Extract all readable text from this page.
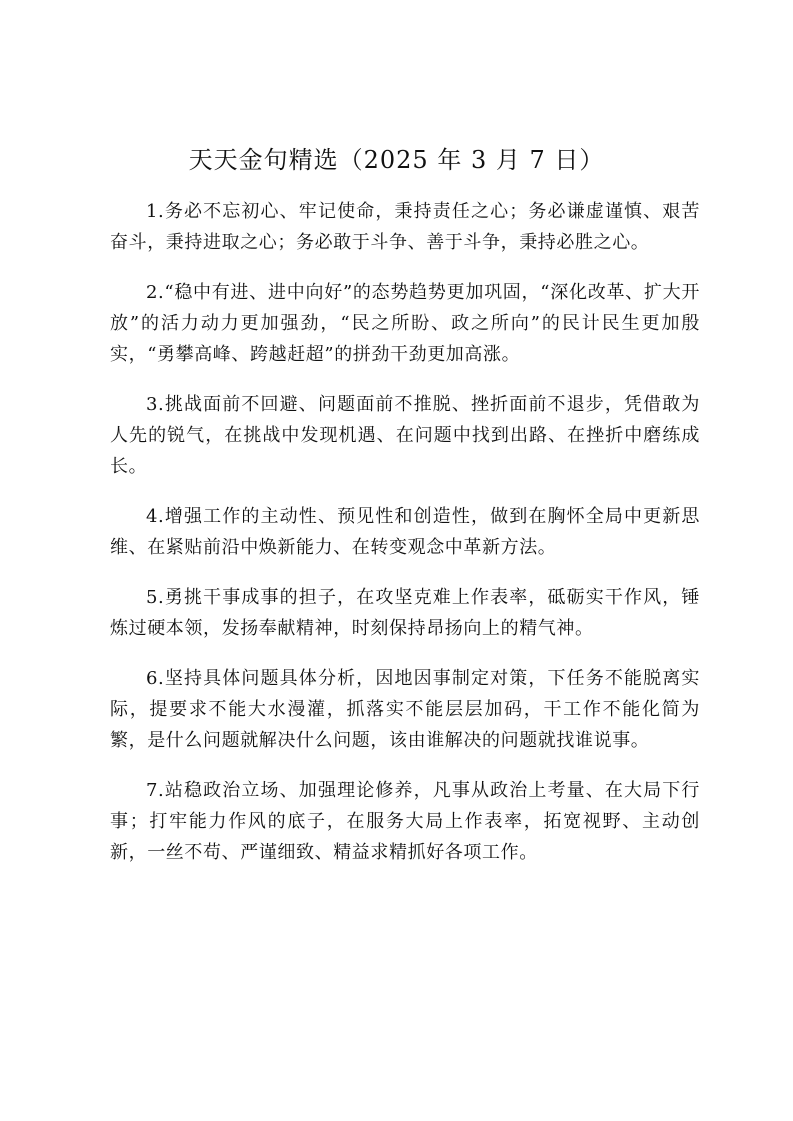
天天金句精选（2025 年 3 月 7 日）

1.务必不忘初心、牢记使命，秉持责任之心；务必谦虚谨慎、艰苦奋斗，秉持进取之心；务必敢于斗争、善于斗争，秉持必胜之心。

2.“稳中有进、进中向好”的态势趋势更加巩固，“深化改革、扩大开放”的活力动力更加强劲，“民之所盼、政之所向”的民计民生更加殷实，“勇攀高峰、跨越赶超”的拼劲干劲更加高涨。

3.挑战面前不回避、问题面前不推脱、挫折面前不退步，凭借敢为人先的锐气，在挑战中发现机遇、在问题中找到出路、在挫折中磨练成长。

4.增强工作的主动性、预见性和创造性，做到在胸怀全局中更新思维、在紧贴前沿中焕新能力、在转变观念中革新方法。

5.勇挑干事成事的担子，在攻坚克难上作表率，砥砺实干作风，锤炼过硬本领，发扬奉献精神，时刻保持昂扬向上的精气神。

6.坚持具体问题具体分析，因地因事制定对策，下任务不能脱离实际，提要求不能大水漫灌，抓落实不能层层加码，干工作不能化简为繁，是什么问题就解决什么问题，该由谁解决的问题就找谁说事。

7.站稳政治立场、加强理论修养，凡事从政治上考量、在大局下行事；打牢能力作风的底子，在服务大局上作表率，拓宽视野、主动创新，一丝不苟、严谨细致、精益求精抓好各项工作。
